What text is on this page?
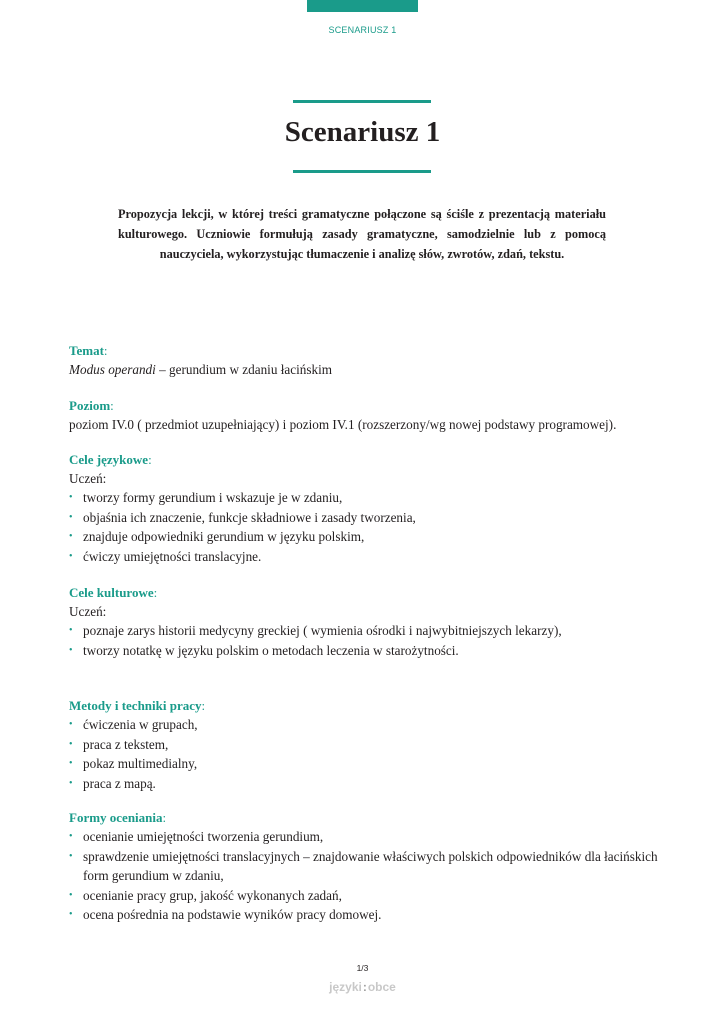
SCENARIUSZ 1
Scenariusz 1

Propozycja lekcji, w której treści gramatyczne połączone są ściśle z prezentacją materiału kulturowego. Uczniowie formułują zasady gramatyczne, samodzielnie lub z pomocą nauczyciela, wykorzystując tłumaczenie i analizę słów, zwrotów, zdań, tekstu.

Temat:

Modus operandi – gerundium w zdaniu łacińskim

Poziom:

poziom IV.0 ( przedmiot uzupełniający) i poziom IV.1 (rozszerzony/wg nowej podstawy programowej).

Cele językowe:

Uczeń:

• tworzy formy gerundium i wskazuje je w zdaniu,
• objaśnia ich znaczenie, funkcje składniowe i zasady tworzenia,
• znajduje odpowiedniki gerundium w języku polskim,
• ćwiczy umiejętności translacyjne.

Cele kulturowe:

Uczeń:

• poznaje zarys historii medycyny greckiej ( wymienia ośrodki i najwybitniejszych lekarzy),
• tworzy notatkę w języku polskim o metodach leczenia w starożytności.

Metody i techniki pracy:

• ćwiczenia w grupach,
• praca z tekstem,
• pokaz multimedialny,
• praca z mapą.

Formy oceniania:

• ocenianie umiejętności tworzenia gerundium,
• sprawdzenie umiejętności translacyjnych – znajdowanie właściwych polskich odpowiedników dla łacińskich
form gerundium w zdaniu,
• ocenianie pracy grup, jakość wykonanych zadań,
• ocena pośrednia na podstawie wyników pracy domowej.
1/3
języki:obce
